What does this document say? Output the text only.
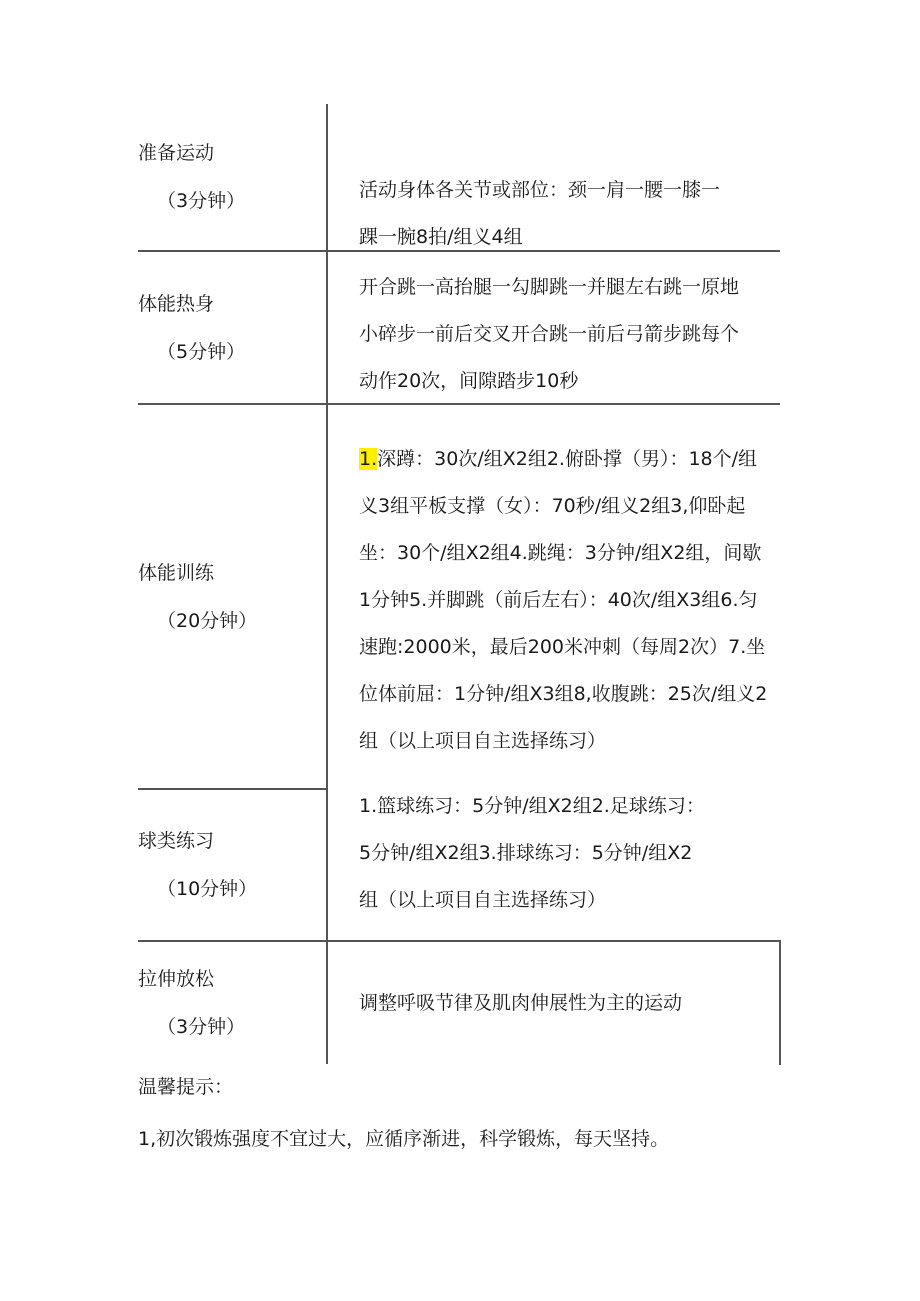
准备运动
（3分钟）	活动身体各关节或部位：颈一肩一腰一膝一
踝一腕8拍/组义4组
体能热身
（5分钟）
开合跳一高抬腿一勾脚跳一并腿左右跳一原地
小碎步一前后交叉开合跳一前后弓箭步跳每个
动作20次，间隙踏步10秒
体能训练
（20分钟）
1.深蹲：30次/组X2组2.俯卧撑（男）：18个/组
义3组平板支撑（女）：70秒/组义2组3,仰卧起
坐：30个/组X2组4.跳绳：3分钟/组X2组，间歇
1分钟5.并脚跳（前后左右）：40次/组X3组6.匀
速跑:2000米，最后200米冲刺（每周2次）7.坐
位体前屈：1分钟/组X3组8,收腹跳：25次/组义2
组（以上项目自主选择练习）
球类练习
（10分钟）
1.篮球练习：5分钟/组X2组2.足球练习：
5分钟/组X2组3.排球练习：5分钟/组X2
组（以上项目自主选择练习）
拉伸放松
（3分钟）
调整呼吸节律及肌肉伸展性为主的运动
温馨提示：
1,初次锻炼强度不宜过大，应循序渐进，科学锻炼，每天坚持。
